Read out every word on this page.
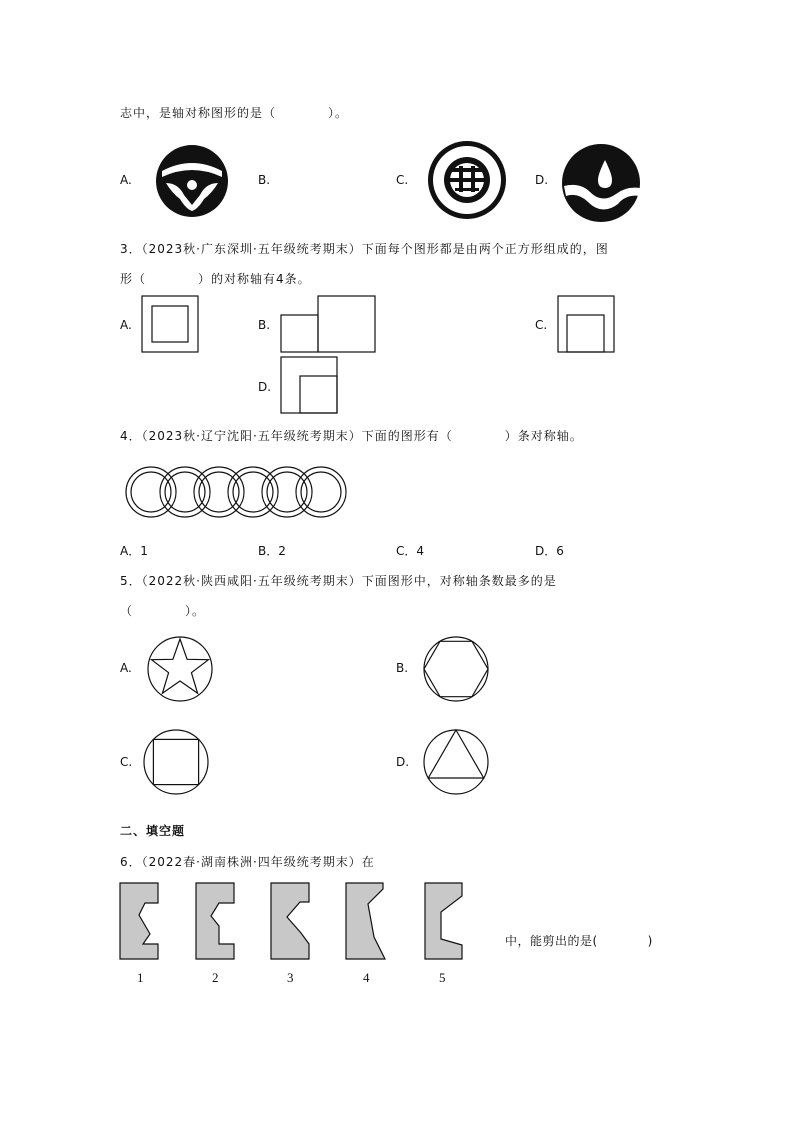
志中，是轴对称图形的是（　　　　）。
A.	B.	C.	D.
3．（2023秋·广东深圳·五年级统考期末）下面每个图形都是由两个正方形组成的，图
形（　　　　）的对称轴有4条。
A.	B.	C.
D.
4．（2023秋·辽宁沈阳·五年级统考期末）下面的图形有（　　　　）条对称轴。
A．1	B．2	C．4	D．6
5．（2022秋·陕西咸阳·五年级统考期末）下面图形中，对称轴条数最多的是
（　　　　）。
A.	B.
C.	D.
二、填空题
6．（2022春·湖南株洲·四年级统考期末）在
1	2	3	4	5
中，能剪出的是(　　　　)
